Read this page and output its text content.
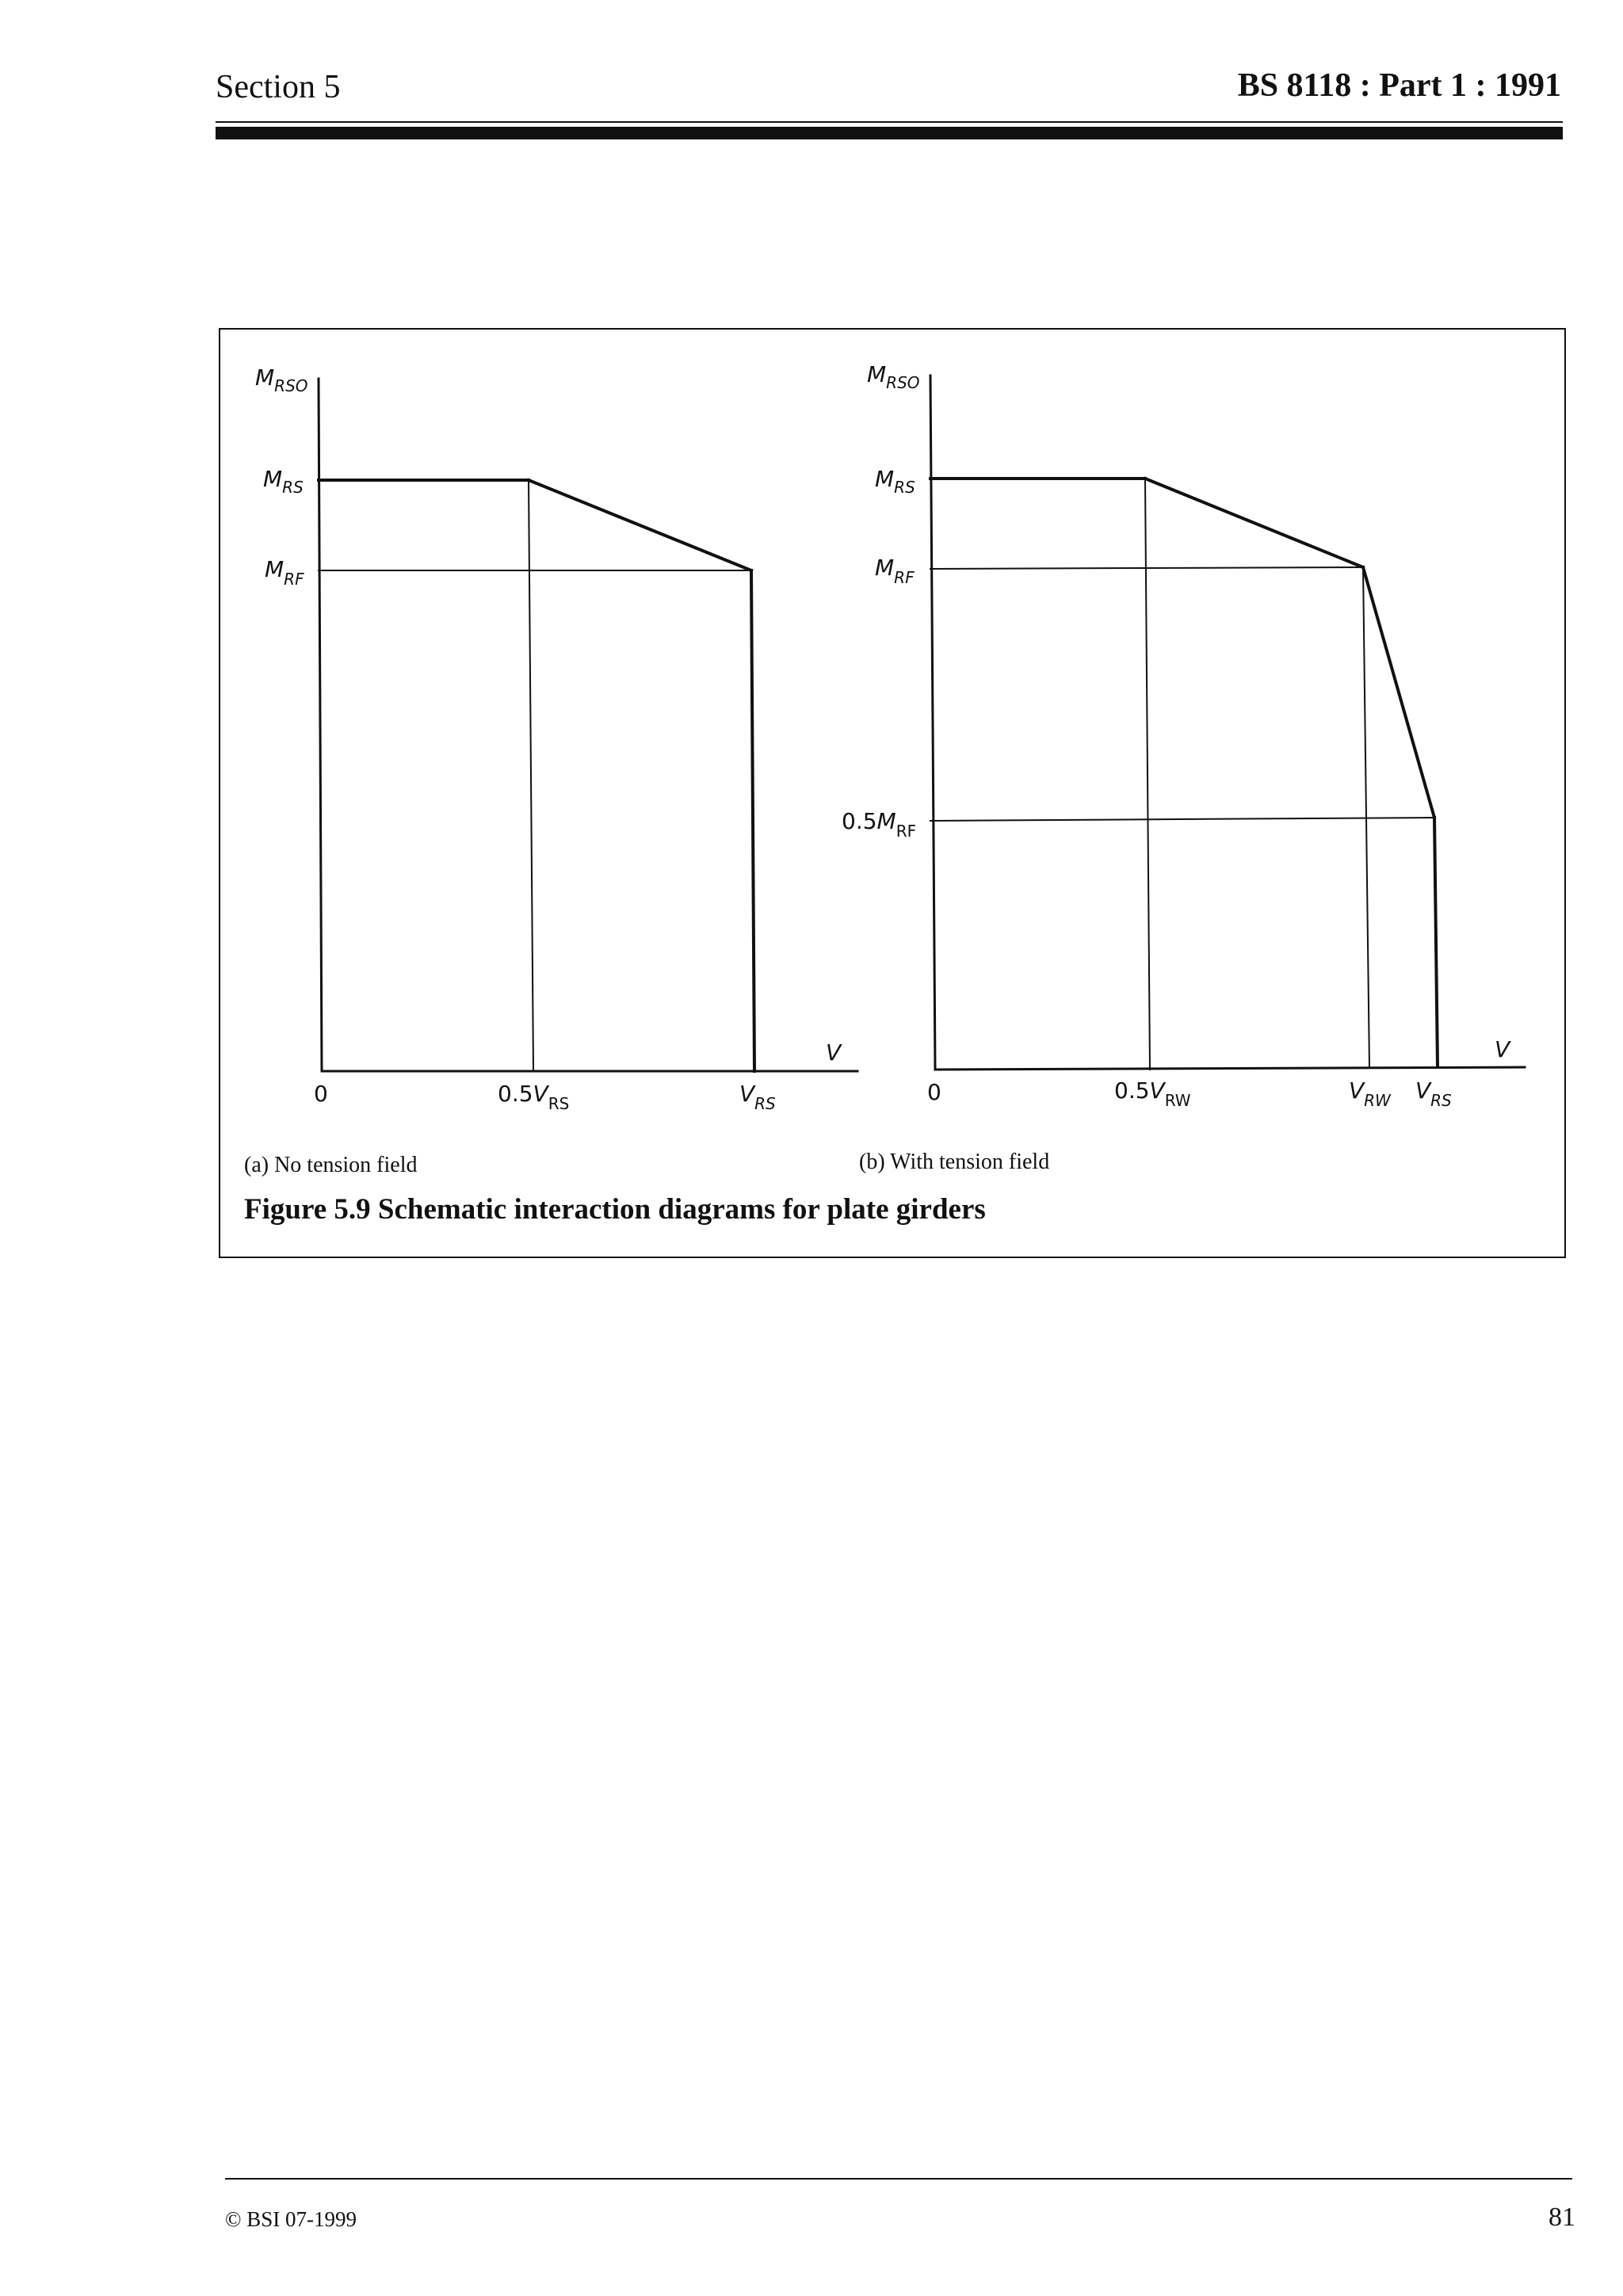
Section 5	BS 8118 : Part 1 : 1991
$M_{RSO}$
$M_{RS}$
$M_{RF}$
0	$0.5V_{RS}$	$V_{RS}$
V
$M_{RSO}$
$M_{RS}$
$M_{RF}$
$0.5M_{RF}$
0	$0.5V_{RW}$	$V_{RW}$ $V_{RS}$
V
(a) No tension field	(b) With tension field
Figure 5.9 Schematic interaction diagrams for plate girders
© BSI 07-1999	81
